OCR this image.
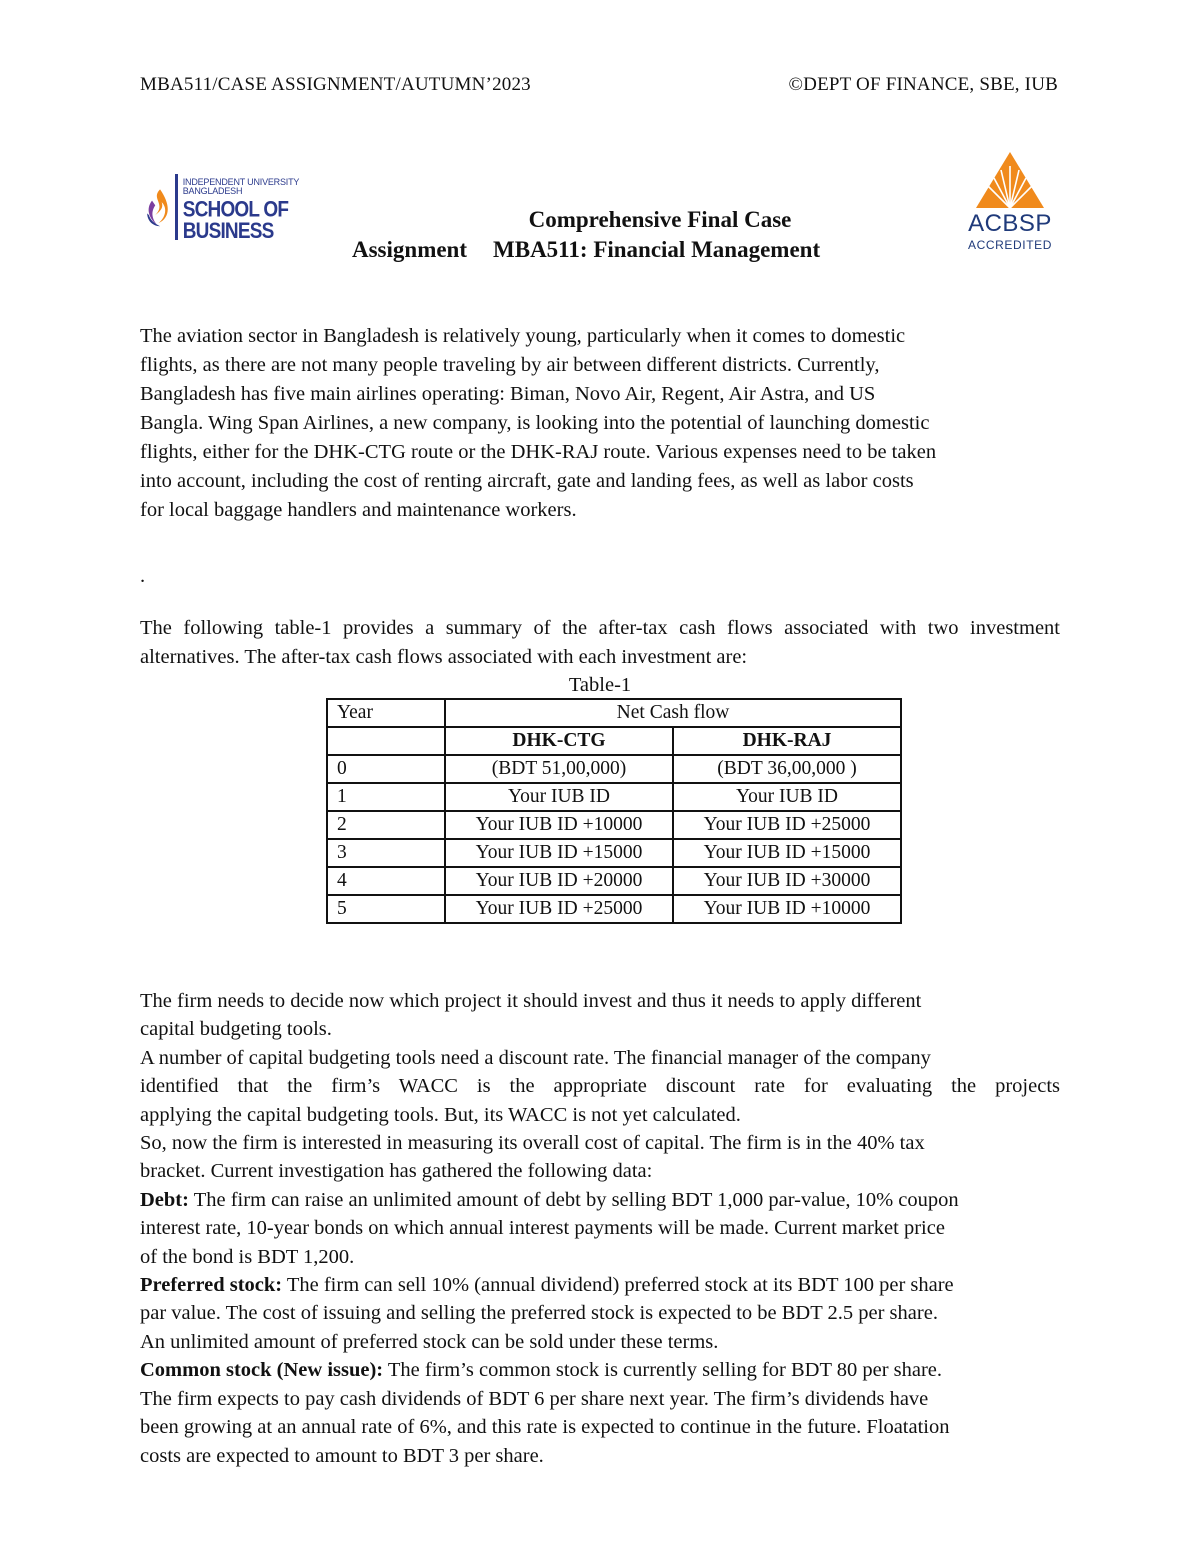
MBA511/CASE ASSIGNMENT/AUTUMN’2023	©DEPT OF FINANCE, SBE, IUB
INDEPENDENT UNIVERSITY BANGLADESH
SCHOOL OF BUSINESS	ACBSP
ACCREDITED
Comprehensive Final Case
Assignment MBA511: Financial Management
The aviation sector in Bangladesh is relatively young, particularly when it comes to domestic
flights, as there are not many people traveling by air between different districts. Currently,
Bangladesh has five main airlines operating: Biman, Novo Air, Regent, Air Astra, and US
Bangla. Wing Span Airlines, a new company, is looking into the potential of launching domestic
flights, either for the DHK-CTG route or the DHK-RAJ route. Various expenses need to be taken
into account, including the cost of renting aircraft, gate and landing fees, as well as labor costs
for local baggage handlers and maintenance workers.
.
The following table-1 provides a summary of the after-tax cash flows associated with two investment alternatives. The after-tax cash flows associated with each investment are:
Table-1
Year	Net Cash flow	
	DHK-CTG	DHK-RAJ
0	(BDT 51,00,000)	(BDT 36,00,000 )
1	Your IUB ID	Your IUB ID
2	Your IUB ID +10000	Your IUB ID +25000
3	Your IUB ID +15000	Your IUB ID +15000
4	Your IUB ID +20000	Your IUB ID +30000
5	Your IUB ID +25000	Your IUB ID +10000
The firm needs to decide now which project it should invest and thus it needs to apply different
capital budgeting tools.
A number of capital budgeting tools need a discount rate. The financial manager of the company
identified that the firm’s WACC is the appropriate discount rate for evaluating the projects
applying the capital budgeting tools. But, its WACC is not yet calculated.
So, now the firm is interested in measuring its overall cost of capital. The firm is in the 40% tax
bracket. Current investigation has gathered the following data:
Debt: The firm can raise an unlimited amount of debt by selling BDT 1,000 par-value, 10% coupon
interest rate, 10-year bonds on which annual interest payments will be made. Current market price
of the bond is BDT 1,200.
Preferred stock: The firm can sell 10% (annual dividend) preferred stock at its BDT 100 per share
par value. The cost of issuing and selling the preferred stock is expected to be BDT 2.5 per share.
An unlimited amount of preferred stock can be sold under these terms.
Common stock (New issue): The firm’s common stock is currently selling for BDT 80 per share.
The firm expects to pay cash dividends of BDT 6 per share next year. The firm’s dividends have
been growing at an annual rate of 6%, and this rate is expected to continue in the future. Floatation
costs are expected to amount to BDT 3 per share.
